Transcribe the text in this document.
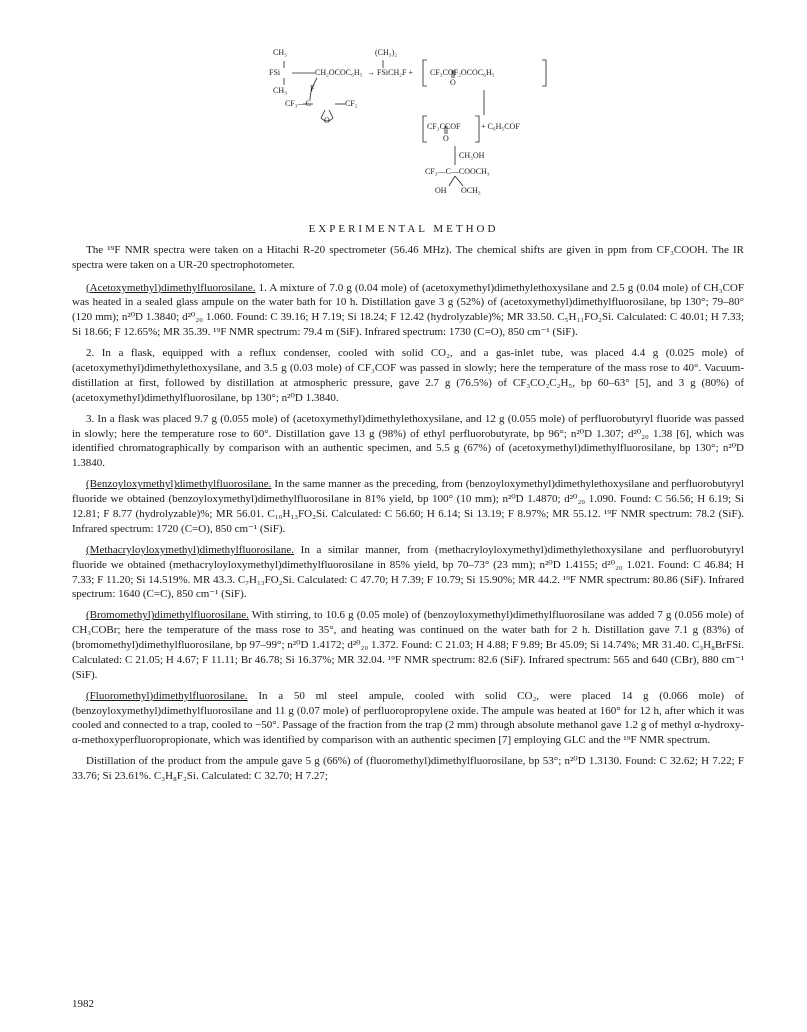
CH₃
FSi	CH₂OCOC₆H₅
CH₃	F
CF₃—C	CF₂
O
(CH₃)₂
→ FSiCH₂F + CF₃COF₂OCOC₆H₅
O
CF₃CCOF
O
+ C₆H₅COF
CH₃OH
CF₃—C—COOCH₃
OH OCH₃
EXPERIMENTAL METHOD

The ¹⁹F NMR spectra were taken on a Hitachi R-20 spectrometer (56.46 MHz). The chemical shifts are given in ppm from CF₃COOH. The IR spectra were taken on a UR-20 spectrophotometer.

(Acetoxymethyl)dimethylfluorosilane. 1. A mixture of 7.0 g (0.04 mole) of (acetoxymethyl)dimethylethoxysilane and 2.5 g (0.04 mole) of CH₃COF was heated in a sealed glass ampule on the water bath for 10 h. Distillation gave 3 g (52%) of (acetoxymethyl)dimethylfluorosilane, bp 130°; 79–80° (120 mm); n²⁰D 1.3840; d²⁰₂₀ 1.060. Found: C 39.16; H 7.19; Si 18.24; F 12.42 (hydrolyzable)%; MR 33.50. C₅H₁₁FO₂Si. Calculated: C 40.01; H 7.33; Si 18.66; F 12.65%; MR 35.39. ¹⁹F NMR spectrum: 79.4 m (SiF). Infrared spectrum: 1730 (C=O), 850 cm⁻¹ (SiF).

2. In a flask, equipped with a reflux condenser, cooled with solid CO₂, and a gas-inlet tube, was placed 4.4 g (0.025 mole) of (acetoxymethyl)dimethylethoxysilane, and 3.5 g (0.03 mole) of CF₃COF was passed in slowly; here the temperature of the mass rose to 40°. Vacuum-distillation at first, followed by distillation at atmospheric pressure, gave 2.7 g (76.5%) of CF₃CO₂C₂H₅, bp 60–63° [5], and 3 g (80%) of (acetoxymethyl)dimethylfluorosilane, bp 130°; n²⁰D 1.3840.

3. In a flask was placed 9.7 g (0.055 mole) of (acetoxymethyl)dimethylethoxysilane, and 12 g (0.055 mole) of perfluorobutyryl fluoride was passed in slowly; here the temperature rose to 60°. Distillation gave 13 g (98%) of ethyl perfluorobutyrate, bp 96°; n²⁰D 1.307; d²⁰₂₀ 1.38 [6], which was identified chromatographically by comparison with an authentic specimen, and 5.5 g (67%) of (acetoxymethyl)dimethylfluorosilane, bp 130°; n²⁰D 1.3840.

(Benzoyloxymethyl)dimethylfluorosilane. In the same manner as the preceding, from (benzoyloxymethyl)dimethylethoxysilane and perfluorobutyryl fluoride we obtained (benzoyloxymethyl)dimethylfluorosilane in 81% yield, bp 100° (10 mm); n²⁰D 1.4870; d²⁰₂₀ 1.090. Found: C 56.56; H 6.19; Si 12.81; F 8.77 (hydrolyzable)%; MR 56.01. C₁₀H₁₃FO₂Si. Calculated: C 56.60; H 6.14; Si 13.19; F 8.97%; MR 55.12. ¹⁹F NMR spectrum: 78.2 (SiF). Infrared spectrum: 1720 (C=O), 850 cm⁻¹ (SiF).

(Methacryloyloxymethyl)dimethylfluorosilane. In a similar manner, from (methacryloyloxymethyl)dimethylethoxysilane and perfluorobutyryl fluoride we obtained (methacryloyloxymethyl)dimethylfluorosilane in 85% yield, bp 70–73° (23 mm); n²⁰D 1.4155; d²⁰₂₀ 1.021. Found: C 46.84; H 7.33; F 11.20; Si 14.519%. MR 43.3. C₇H₁₃FO₂Si. Calculated: C 47.70; H 7.39; F 10.79; Si 15.90%; MR 44.2. ¹⁹F NMR spectrum: 80.86 (SiF). Infrared spectrum: 1640 (C=C), 850 cm⁻¹ (SiF).

(Bromomethyl)dimethylfluorosilane. With stirring, to 10.6 g (0.05 mole) of (benzoyloxymethyl)dimethylfluorosilane was added 7 g (0.056 mole) of CH₃COBr; here the temperature of the mass rose to 35°, and heating was continued on the water bath for 2 h. Distillation gave 7.1 g (83%) of (bromomethyl)dimethylfluorosilane, bp 97–99°; n²⁰D 1.4172; d²⁰₂₀ 1.372. Found: C 21.03; H 4.88; F 9.89; Br 45.09; Si 14.74%; MR 31.40. C₃H₈BrFSi. Calculated: C 21.05; H 4.67; F 11.11; Br 46.78; Si 16.37%; MR 32.04. ¹⁹F NMR spectrum: 82.6 (SiF). Infrared spectrum: 565 and 640 (CBr), 880 cm⁻¹ (SiF).

(Fluoromethyl)dimethylfluorosilane. In a 50 ml steel ampule, cooled with solid CO₂, were placed 14 g (0.066 mole) of (benzoyloxymethyl)dimethylfluorosilane and 11 g (0.07 mole) of perfluoropropylene oxide. The ampule was heated at 160° for 12 h, after which it was cooled and connected to a trap, cooled to −50°. Passage of the fraction from the trap (2 mm) through absolute methanol gave 1.2 g of methyl α-hydroxy-α-methoxyperfluoropropionate, which was identified by comparison with an authentic specimen [7] employing GLC and the ¹⁹F NMR spectrum.

Distillation of the product from the ampule gave 5 g (66%) of (fluoromethyl)dimethylfluorosilane, bp 53°; n²⁰D 1.3130. Found: C 32.62; H 7.22; F 33.76; Si 23.61%. C₃H₈F₂Si. Calculated: C 32.70; H 7.27;

1982
